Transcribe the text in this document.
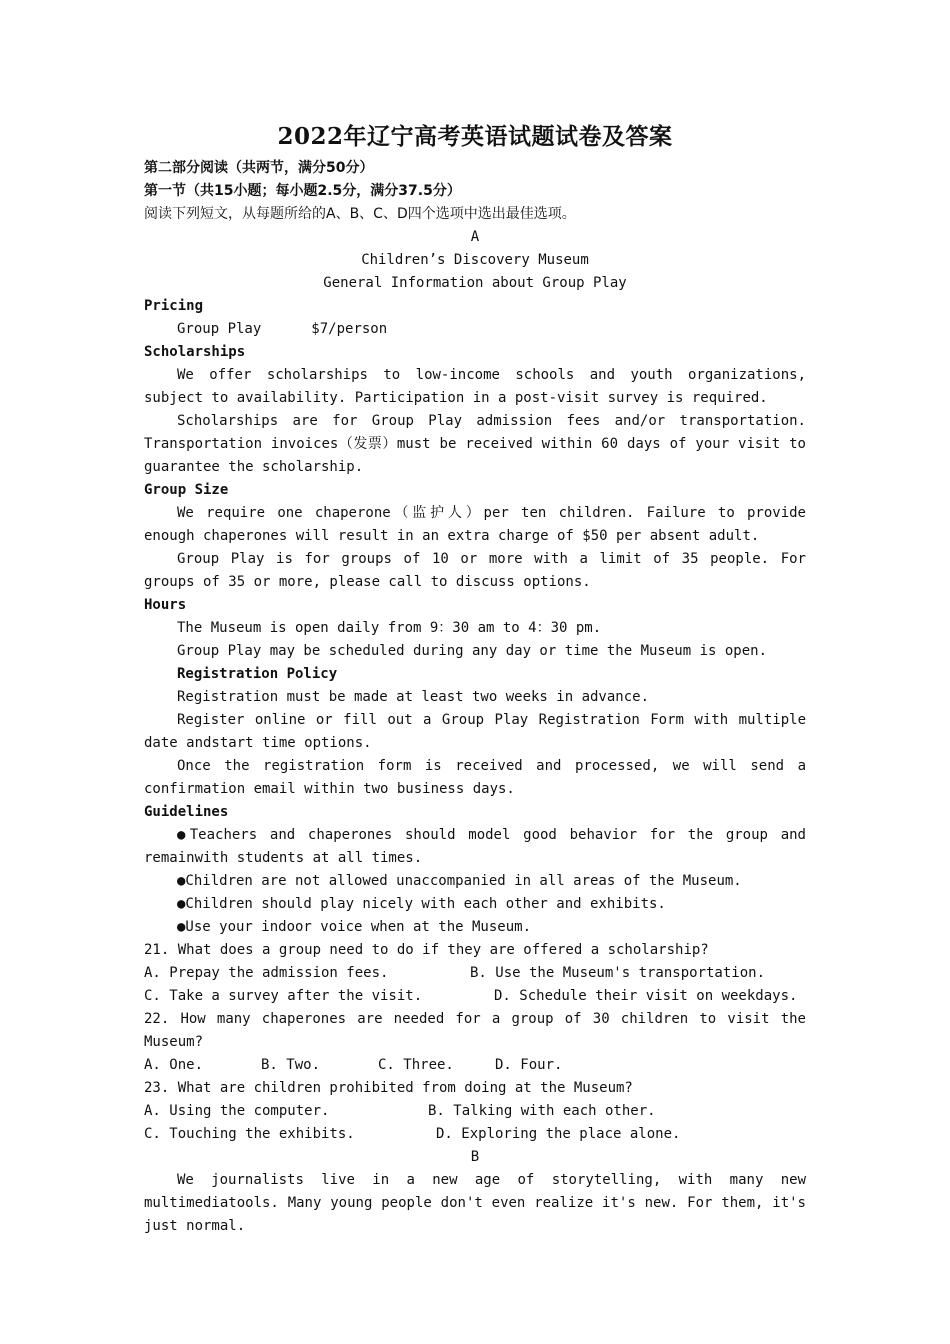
2022年辽宁高考英语试题试卷及答案
第二部分阅读（共两节，满分50分）
第一节（共15小题；每小题2.5分，满分37.5分）
阅读下列短文，从每题所给的A、B、C、D四个选项中选出最佳选项。
A
Children’s Discovery Museum
General Information about Group Play
Pricing
Group Play	$7/person
Scholarships
We offer scholarships to low-income schools and youth organizations,
subject to availability. Participation in a post-visit survey is required.
Scholarships are for Group Play admission fees and/or transportation.
Transportation invoices（发票）must be received within 60 days of your visit to
guarantee the scholarship.
Group Size
We require one chaperone（监护人）per ten children. Failure to provide
enough chaperones will result in an extra charge of $50 per absent adult.
Group Play is for groups of 10 or more with a limit of 35 people. For
groups of 35 or more, please call to discuss options.
Hours
The Museum is open daily from 9：30 am to 4：30 pm.
Group Play may be scheduled during any day or time the Museum is open.
Registration Policy
Registration must be made at least two weeks in advance.
Register online or fill out a Group Play Registration Form with multiple
date andstart time options.
Once the registration form is received and processed, we will send a
confirmation email within two business days.
Guidelines
●Teachers and chaperones should model good behavior for the group and
remainwith students at all times.
●Children are not allowed unaccompanied in all areas of the Museum.
●Children should play nicely with each other and exhibits.
●Use your indoor voice when at the Museum.
21. What does a group need to do if they are offered a scholarship?
A. Prepay the admission fees.	B. Use the Museum's transportation.
C. Take a survey after the visit.	D. Schedule their visit on weekdays.
22. How many chaperones are needed for a group of 30 children to visit the
Museum?
A. One.	B. Two.	C. Three.	D. Four.
23. What are children prohibited from doing at the Museum?
A. Using the computer.	B. Talking with each other.
C. Touching the exhibits.	D. Exploring the place alone.
B
We journalists live in a new age of storytelling, with many new
multimediatools. Many young people don't even realize it's new. For them, it's
just normal.
